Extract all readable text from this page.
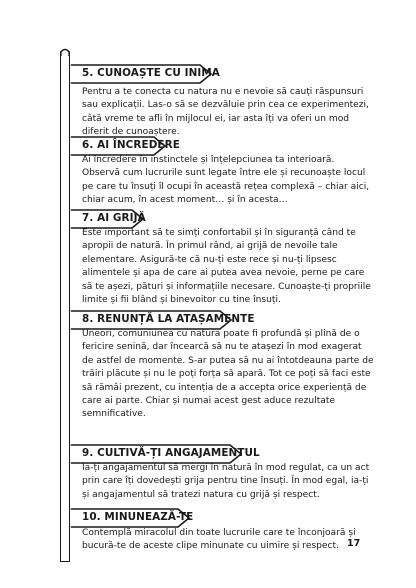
5. CUNOAȘTE CU INIMA
Pentru a te conecta cu natura nu e nevoie să cauți răspunsuri sau explicații. Las-o să se dezvăluie prin cea ce experimentezi, câtă vreme te afli în mijlocul ei, iar asta îți va oferi un mod diferit de cunoaștere.
6. AI ÎNCREDERE
Ai încredere în instinctele și înțelepciunea ta interioară. Observă cum lucrurile sunt legate între ele și recunoaște locul pe care tu însuți îl ocupi în această rețea complexă – chiar aici, chiar acum, în acest moment… și în acesta…
7. AI GRIJĂ
Este important să te simți confortabil și în siguranță când te apropii de natură. În primul rând, ai grijă de nevoile tale elementare. Asigură-te că nu-ți este rece și nu-ți lipsesc alimentele și apa de care ai putea avea nevoie, perne pe care să te așezi, pături și informațiile necesare. Cunoaște-ți propriile limite și fii blând și binevoitor cu tine însuți.
8. RENUNȚĂ LA ATAȘAMENTE
Uneori, comuniunea cu natura poate fi profundă și plină de o fericire senină, dar încearcă să nu te atașezi în mod exagerat de astfel de momente. S-ar putea să nu ai întotdeauna parte de trăiri plăcute și nu le poți forța să apară. Tot ce poți să faci este să rămâi prezent, cu intenția de a accepta orice experiență de care ai parte. Chiar și numai acest gest aduce rezultate semnificative.
9. CULTIVĂ-ȚI ANGAJAMENTUL
Ia-ți angajamentul să mergi în natură în mod regulat, ca un act prin care îți dovedești grija pentru tine însuți. În mod egal, ia-ți și angajamentul să tratezi natura cu grijă și respect.
10. MINUNEAZĂ-TE
Contemplă miracolul din toate lucrurile care te înconjoară și bucură-te de aceste clipe minunate cu uimire și respect. 17
